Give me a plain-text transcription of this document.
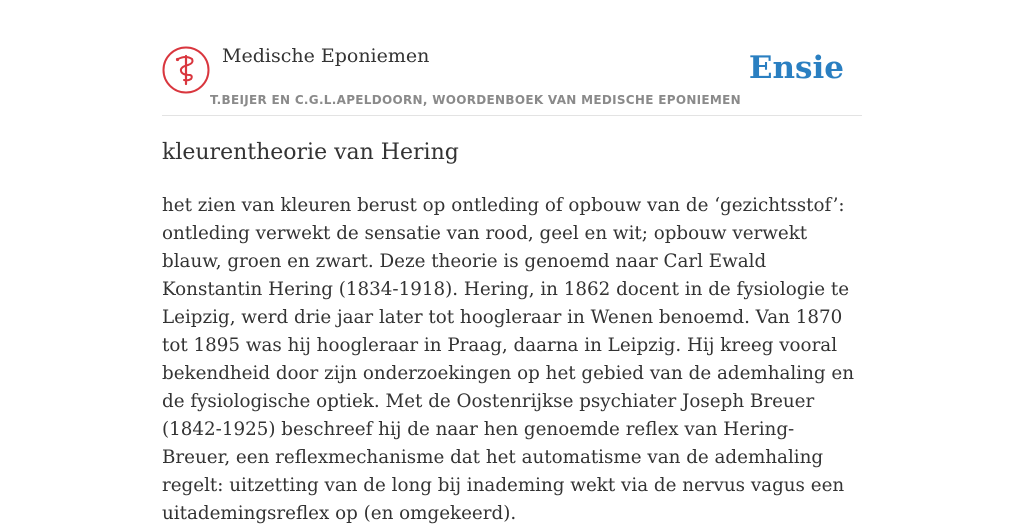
Medische Eponiemen	Ensie
T.BEIJER EN C.G.L.APELDOORN, WOORDENBOEK VAN MEDISCHE EPONIEMEN
kleurentheorie van Hering

het zien van kleuren berust op ontleding of opbouw van de ‘gezichtsstof’: ontleding verwekt de sensatie van rood, geel en wit; opbouw verwekt blauw, groen en zwart. Deze theorie is genoemd naar Carl Ewald Konstantin Hering (1834-1918). Hering, in 1862 docent in de fysiologie te Leipzig, werd drie jaar later tot hoogleraar in Wenen benoemd. Van 1870 tot 1895 was hij hoogleraar in Praag, daarna in Leipzig. Hij kreeg vooral bekendheid door zijn onderzoekingen op het gebied van de ademhaling en de fysiologische optiek. Met de Oostenrijkse psychiater Joseph Breuer (1842-1925) beschreef hij de naar hen genoemde reflex van Hering-Breuer, een reflexmechanisme dat het automatisme van de ademhaling regelt: uitzetting van de long bij inademing wekt via de nervus vagus een uitademingsreflex op (en omgekeerd).
